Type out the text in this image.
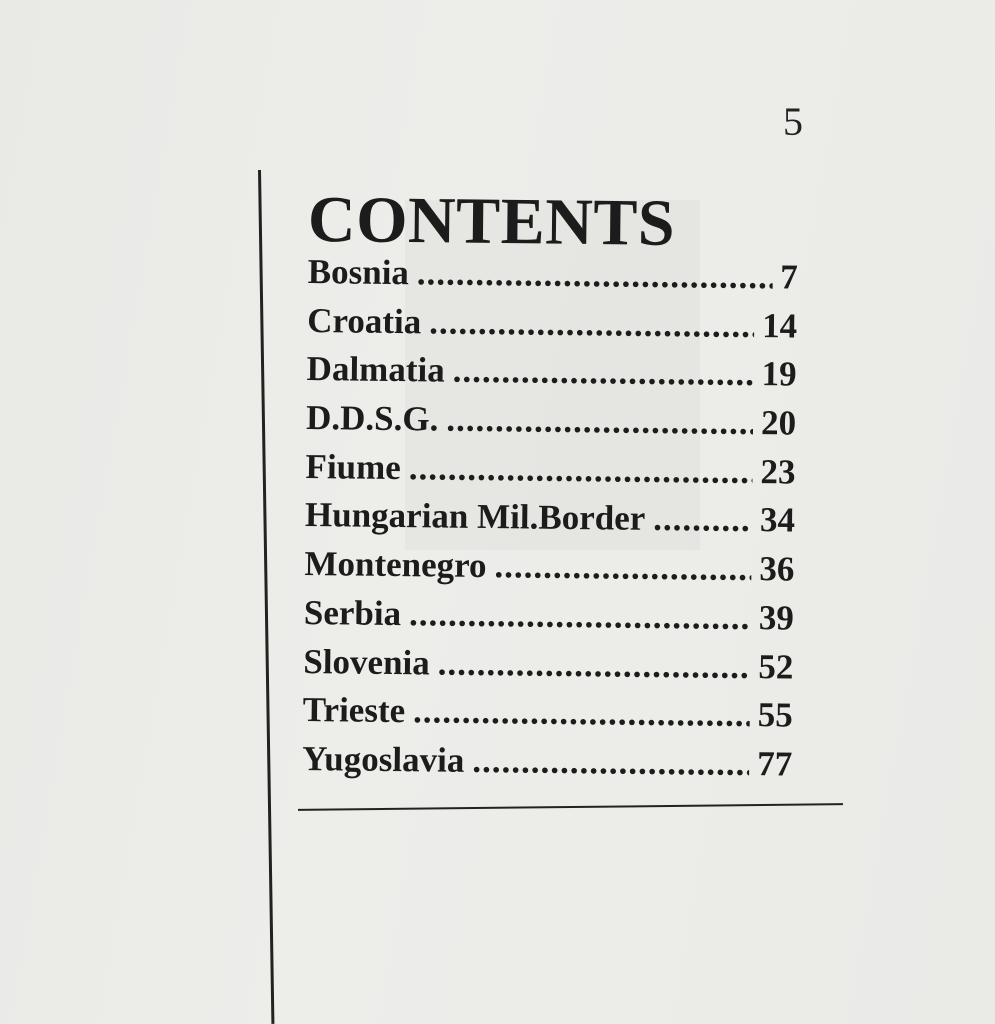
5
CONTENTS
Bosnia .....	7
Croatia .....	14
Dalmatia .....	19
D.D.S.G. .....	20
Fiume .....	23
Hungarian Mil.Border .....	34
Montenegro .....	36
Serbia .....	39
Slovenia .....	52
Trieste .....	55
Yugoslavia .....	77
